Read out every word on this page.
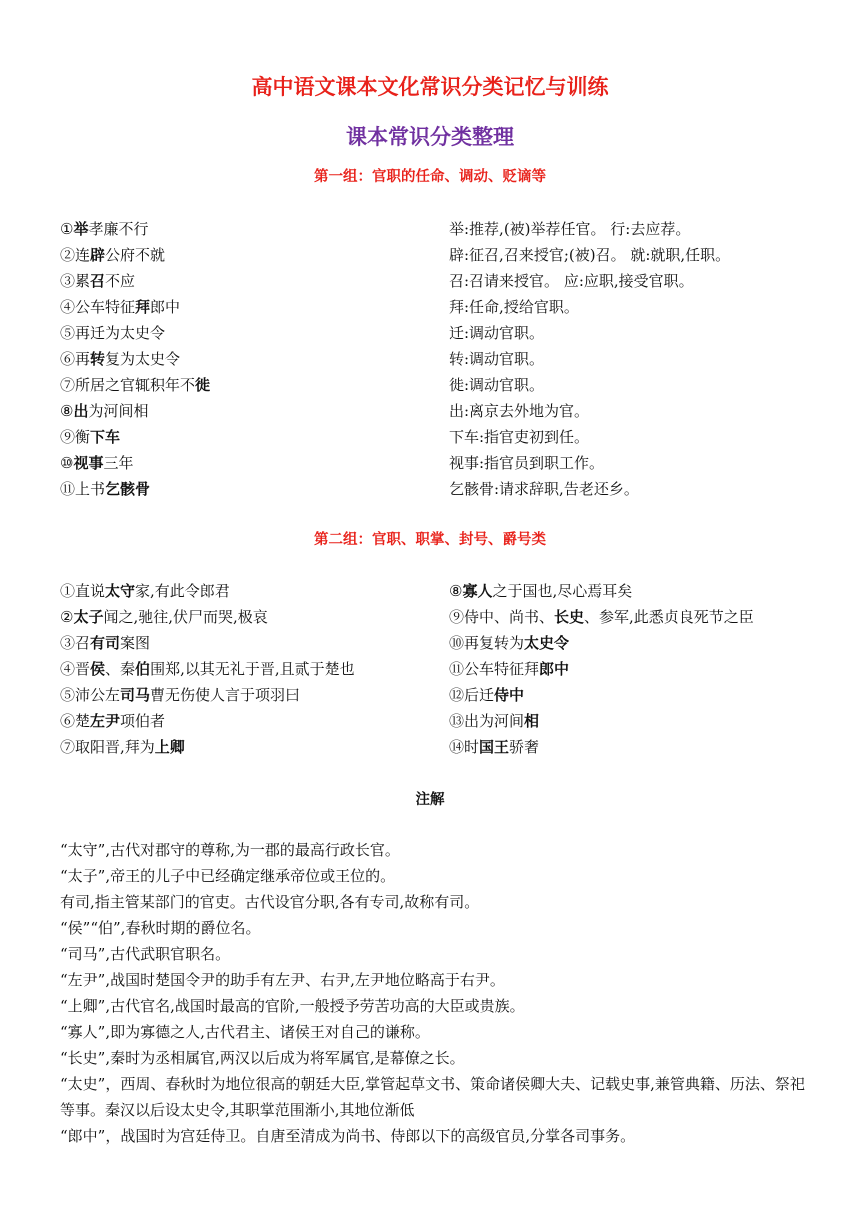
高中语文课本文化常识分类记忆与训练
课本常识分类整理
第一组：官职的任命、调动、贬谪等
①举孝廉不行	举:推荐,(被)举荐任官。 行:去应荐。
②连辟公府不就	辟:征召,召来授官;(被)召。 就:就职,任职。
③累召不应	召:召请来授官。 应:应职,接受官职。
④公车特征拜郎中	拜:任命,授给官职。
⑤再迁为太史令	迁:调动官职。
⑥再转复为太史令	转:调动官职。
⑦所居之官辄积年不徙	徙:调动官职。
⑧出为河间相	出:离京去外地为官。
⑨衡下车	下车:指官吏初到任。
⑩视事三年	视事:指官员到职工作。
⑪上书乞骸骨	乞骸骨:请求辞职,告老还乡。
第二组：官职、职掌、封号、爵号类
①直说太守家,有此令郎君	⑧寡人之于国也,尽心焉耳矣
②太子闻之,驰往,伏尸而哭,极哀	⑨侍中、尚书、长史、参军,此悉贞良死节之臣
③召有司案图	⑩再复转为太史令
④晋侯、秦伯围郑,以其无礼于晋,且贰于楚也	⑪公车特征拜郎中
⑤沛公左司马曹无伤使人言于项羽曰	⑫后迁侍中
⑥楚左尹项伯者	⑬出为河间相
⑦取阳晋,拜为上卿	⑭时国王骄奢
注解
“太守”,古代对郡守的尊称,为一郡的最高行政长官。
“太子”,帝王的儿子中已经确定继承帝位或王位的。
有司,指主管某部门的官吏。古代设官分职,各有专司,故称有司。
“侯”“伯”,春秋时期的爵位名。
“司马”,古代武职官职名。
“左尹”,战国时楚国令尹的助手有左尹、右尹,左尹地位略高于右尹。
“上卿”,古代官名,战国时最高的官阶,一般授予劳苦功高的大臣或贵族。
“寡人”,即为寡德之人,古代君主、诸侯王对自己的谦称。
“长史”,秦时为丞相属官,两汉以后成为将军属官,是幕僚之长。
“太史”，西周、春秋时为地位很高的朝廷大臣,掌管起草文书、策命诸侯卿大夫、记载史事,兼管典籍、历法、祭祀等事。秦汉以后设太史令,其职掌范围渐小,其地位渐低
“郎中”，战国时为宫廷侍卫。自唐至清成为尚书、侍郎以下的高级官员,分掌各司事务。
